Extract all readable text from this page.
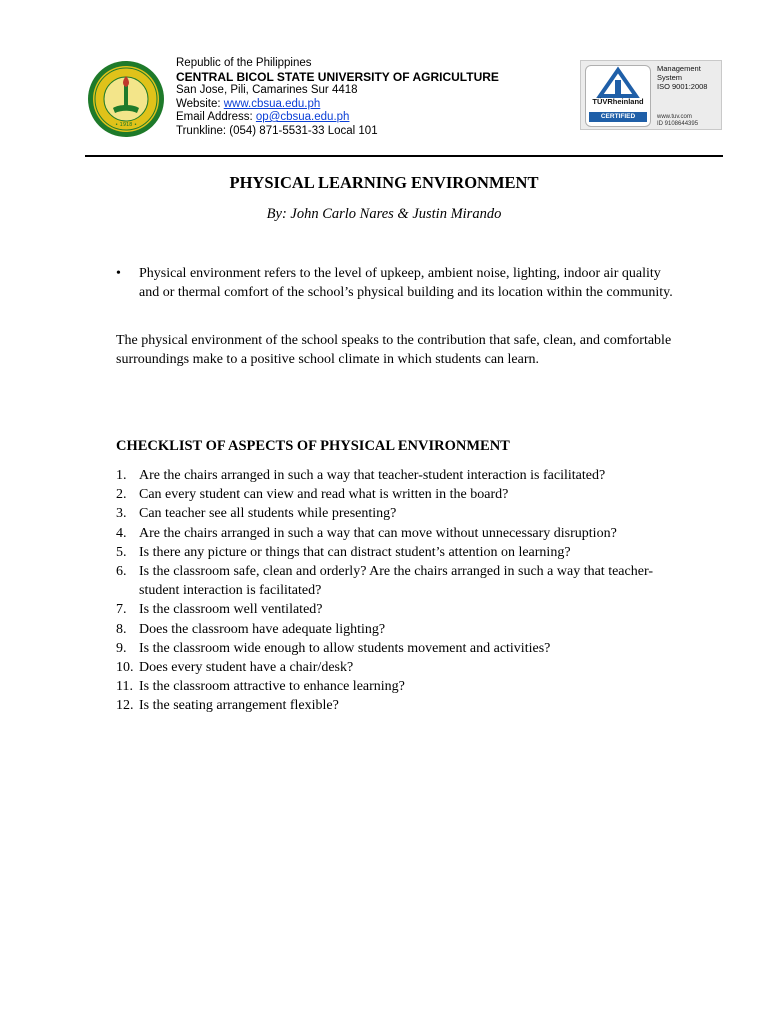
• 1918 •
Republic of the Philippines
CENTRAL BICOL STATE UNIVERSITY OF AGRICULTURE
San Jose, Pili, Camarines Sur 4418
Website: www.cbsua.edu.ph
Email Address: op@cbsua.edu.ph
Trunkline: (054) 871-5531-33 Local 101
TÜVRheinland
CERTIFIED
Management
System
ISO 9001:2008
www.tuv.com
ID 9108644395
PHYSICAL LEARNING ENVIRONMENT
By: John Carlo Nares & Justin Mirando
• Physical environment refers to the level of upkeep, ambient noise, lighting, indoor air quality and or thermal comfort of the school’s physical building and its location within the community.
The physical environment of the school speaks to the contribution that safe, clean, and comfortable surroundings make to a positive school climate in which students can learn.
CHECKLIST OF ASPECTS OF PHYSICAL ENVIRONMENT
1. Are the chairs arranged in such a way that teacher-student interaction is facilitated?
2. Can every student can view and read what is written in the board?
3. Can teacher see all students while presenting?
4. Are the chairs arranged in such a way that can move without unnecessary disruption?
5. Is there any picture or things that can distract student’s attention on learning?
6. Is the classroom safe, clean and orderly? Are the chairs arranged in such a way that teacher-student interaction is facilitated?
7. Is the classroom well ventilated?
8. Does the classroom have adequate lighting?
9. Is the classroom wide enough to allow students movement and activities?
10. Does every student have a chair/desk?
11. Is the classroom attractive to enhance learning?
12. Is the seating arrangement flexible?
